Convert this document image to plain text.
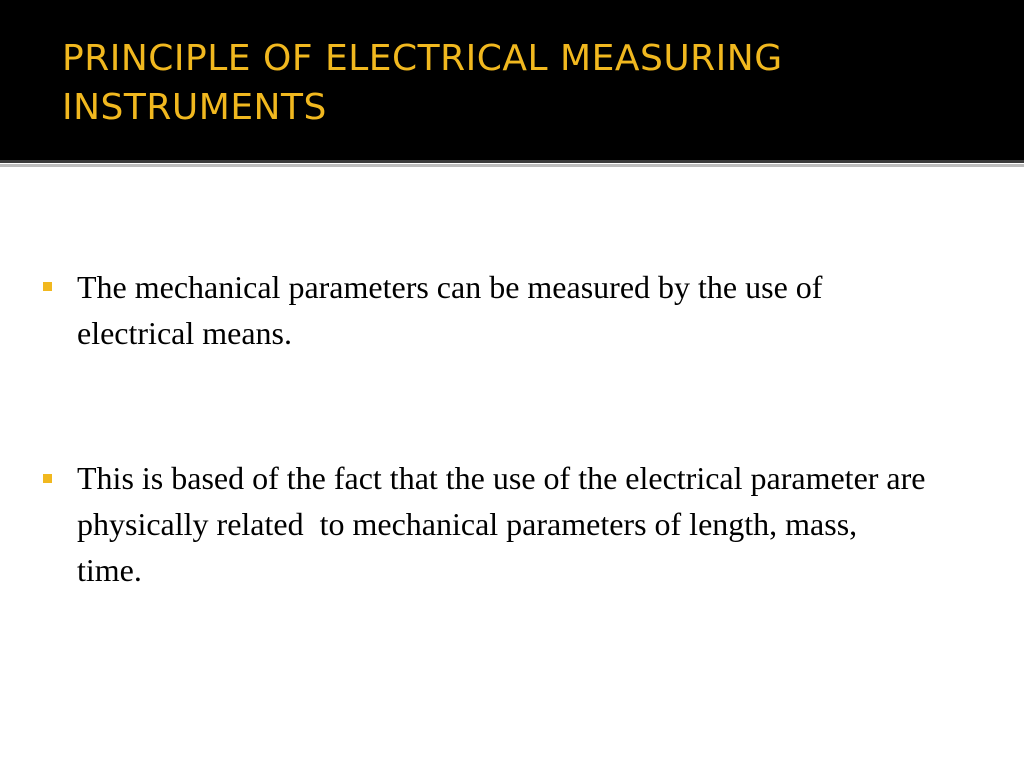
PRINCIPLE OF ELECTRICAL MEASURING INSTRUMENTS

The mechanical parameters can be measured by the use of electrical means.

This is based of the fact that the use of the electrical parameter are physically related  to mechanical parameters of length, mass, time.
